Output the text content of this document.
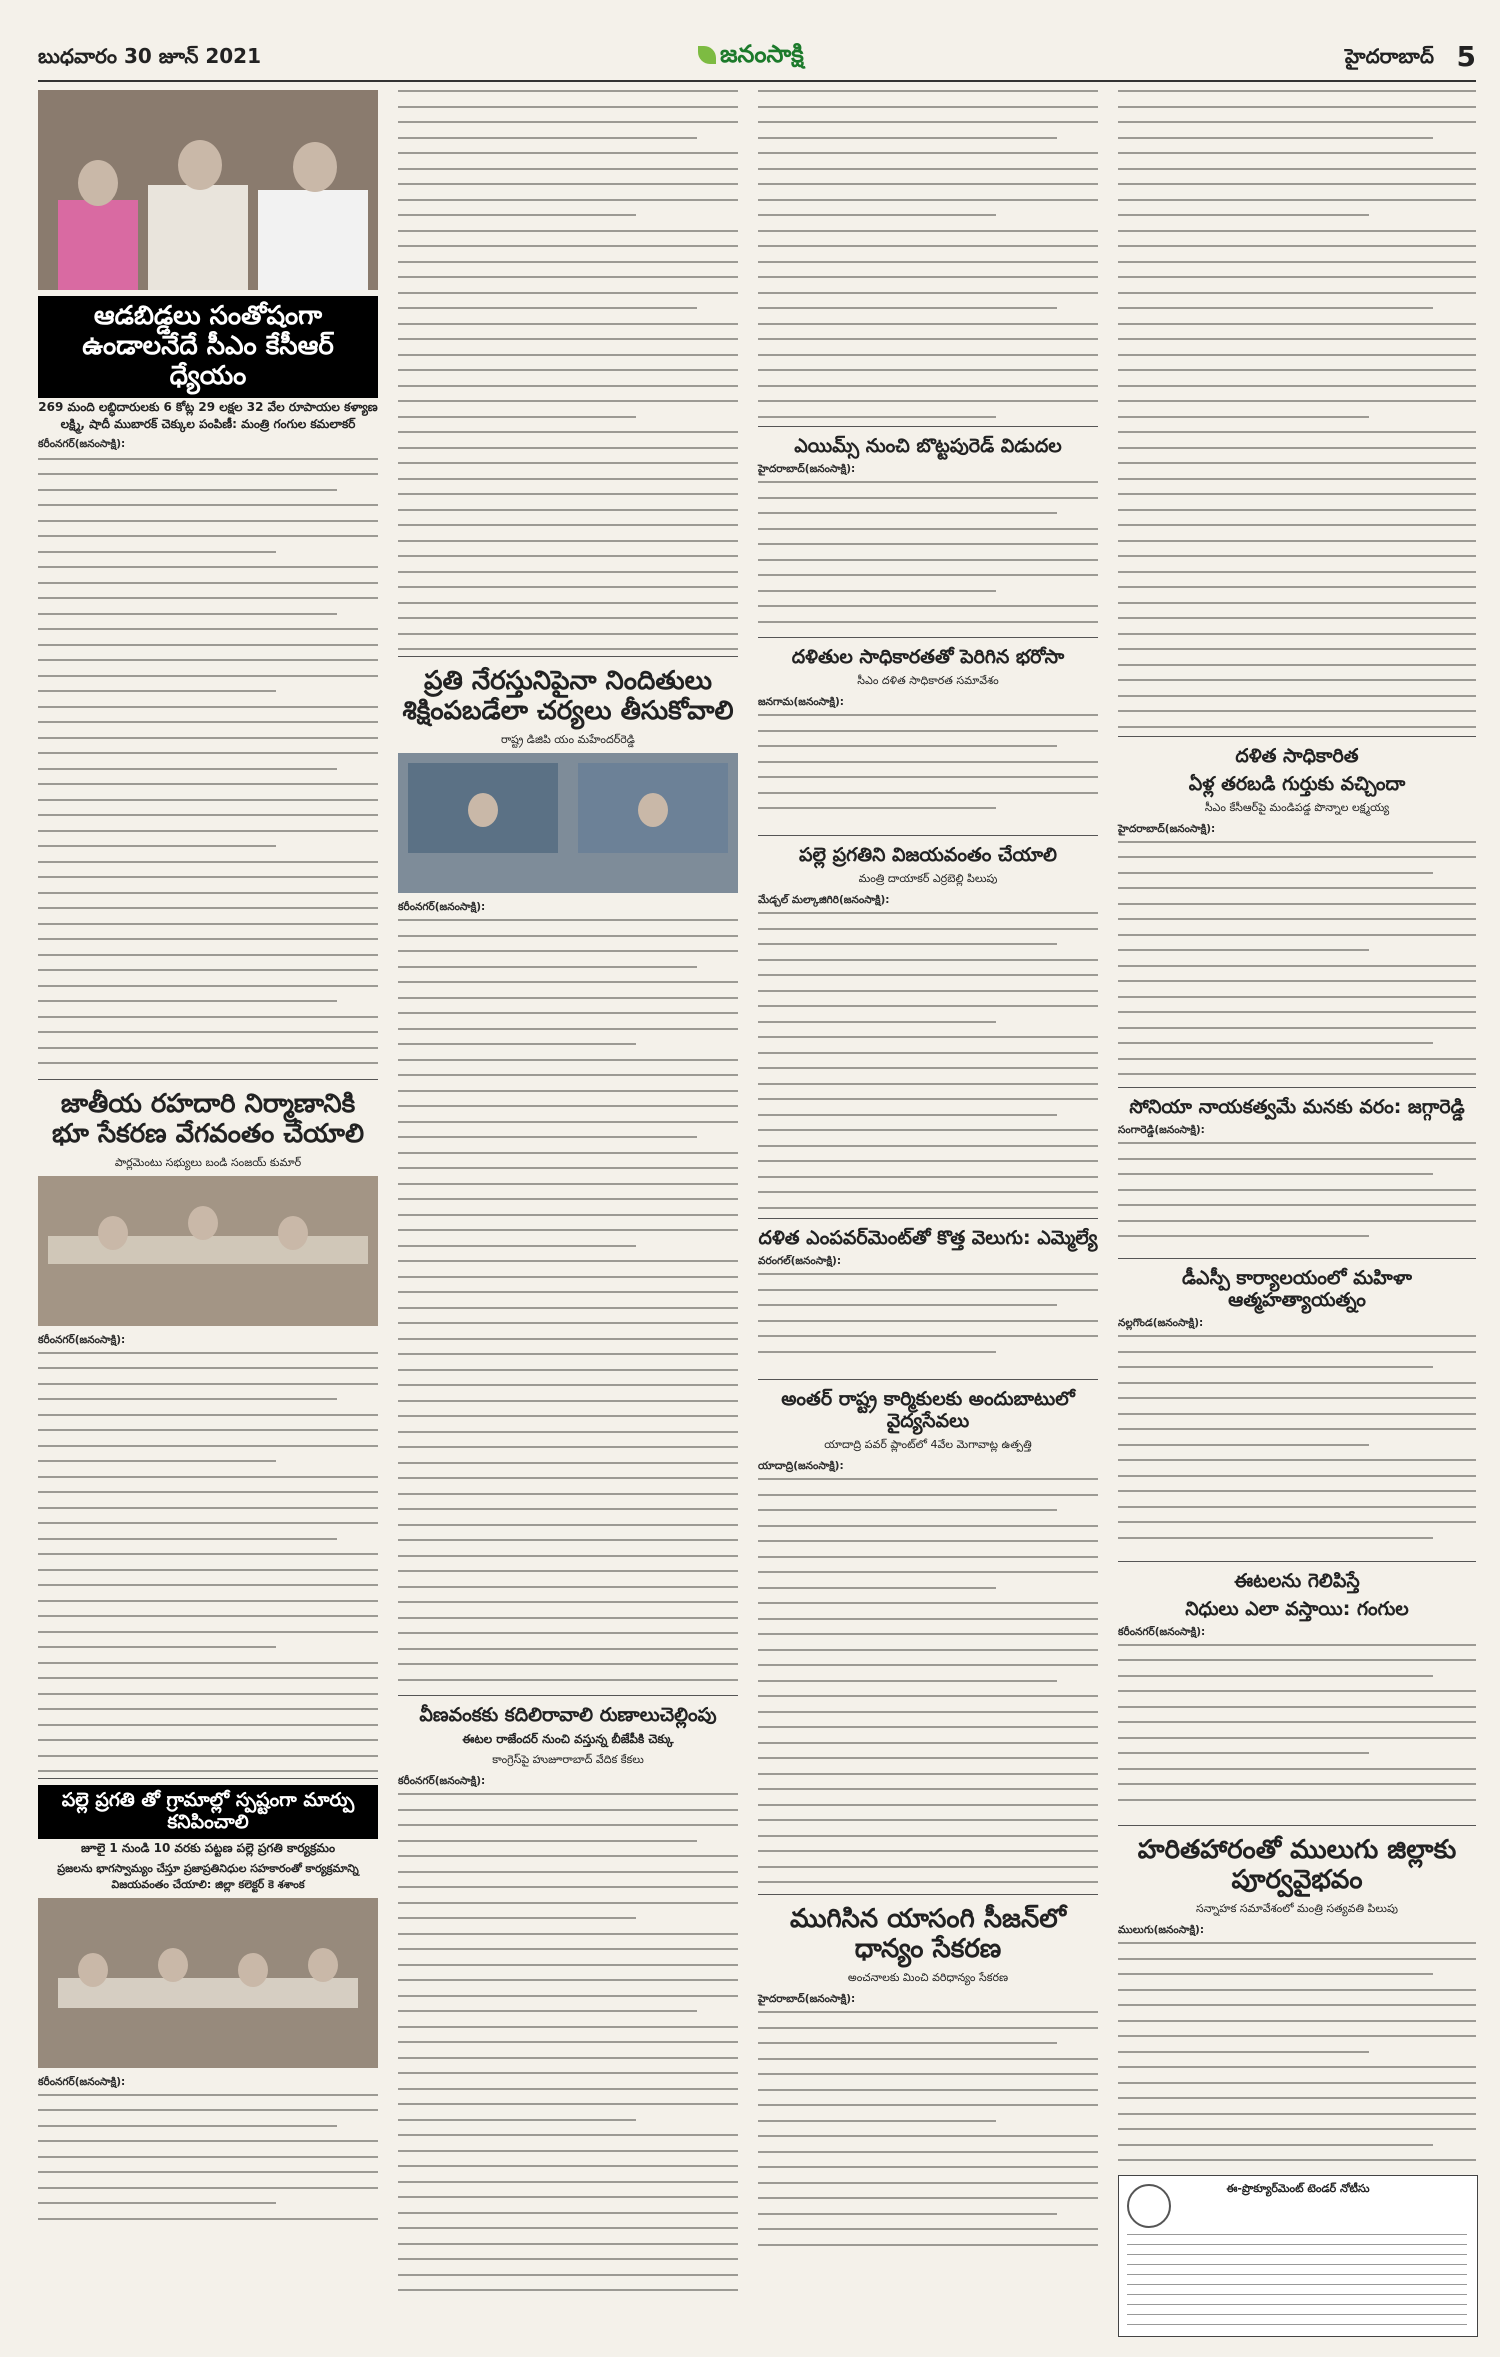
బుధవారం 30 జూన్ 2021	జనంసాక్షి	హైదరాబాద్ 5
ఆడబిడ్డలు సంతోషంగా ఉండాలనేదే సీఎం కేసీఆర్ ధ్యేయం
269 మంది లబ్ధిదారులకు 6 కోట్ల 29 లక్షల 32 వేల రూపాయల కళ్యాణ లక్ష్మి, షాదీ ముబారక్ చెక్కుల పంపిణీ: మంత్రి గంగుల కమలాకర్
కరీంనగర్(జనంసాక్షి):
జాతీయ రహదారి నిర్మాణానికి భూ సేకరణ వేగవంతం చేయాలి
పార్లమెంటు సభ్యులు బండి సంజయ్ కుమార్
కరీంనగర్(జనంసాక్షి):
పల్లె ప్రగతి తో గ్రామాల్లో స్పష్టంగా మార్పు కనిపించాలి
జూలై 1 నుండి 10 వరకు పట్టణ పల్లె ప్రగతి కార్యక్రమం
ప్రజలను భాగస్వామ్యం చేస్తూ ప్రజాప్రతినిధుల సహకారంతో కార్యక్రమాన్ని విజయవంతం చేయాలి: జిల్లా కలెక్టర్ కె శశాంక
కరీంనగర్(జనంసాక్షి):
ప్రతి నేరస్తునిపైనా నిందితులు శిక్షింపబడేలా చర్యలు తీసుకోవాలి
రాష్ట్ర డిజిపి యం మహేందర్‌రెడ్డి
కరీంనగర్(జనంసాక్షి):
వీణవంకకు కదిలిరావాలి రుణాలుచెల్లింపు
ఈటల రాజేందర్ నుంచి వస్తున్న బీజేపీకి చెక్కు
కాంగ్రెస్‌పై హుజూరాబాద్ వేదిక కేకలు
కరీంనగర్(జనంసాక్షి):
ఎయిమ్స్ నుంచి బొట్టపురెడ్ విడుదల
హైదరాబాద్(జనంసాక్షి):
దళితుల సాధికారతతో పెరిగిన భరోసా
సీఎం దళిత సాధికారత సమావేశం
జనగామ(జనంసాక్షి):
పల్లె ప్రగతిని విజయవంతం చేయాలి
మంత్రి దాయాకర్ ఎర్రబెల్లి పిలుపు
మేడ్చల్ మల్కాజిగిరి(జనంసాక్షి):
దళిత ఎంపవర్‌మెంట్‌తో కొత్త వెలుగు: ఎమ్మెల్యే
వరంగల్(జనంసాక్షి):
అంతర్ రాష్ట్ర కార్మికులకు అందుబాటులో వైద్యసేవలు
యాదాద్రి పవర్ ప్లాంట్‌లో 4వేల మెగావాట్ల ఉత్పత్తి
యాదాద్రి(జనంసాక్షి):
ముగిసిన యాసంగి సీజన్‌లో ధాన్యం సేకరణ
అంచనాలకు మించి వరిధాన్యం సేకరణ
హైదరాబాద్(జనంసాక్షి):
దళిత సాధికారిత
ఏళ్ల తరబడి గుర్తుకు వచ్చిందా
సీఎం కేసీఆర్‌పై మండిపడ్డ పొన్నాల లక్ష్మయ్య
హైదరాబాద్(జనంసాక్షి):
సోనియా నాయకత్వమే మనకు వరం: జగ్గారెడ్డి
సంగారెడ్డి(జనంసాక్షి):
డీఎస్పీ కార్యాలయంలో మహిళా ఆత్మహత్యాయత్నం
నల్లగొండ(జనంసాక్షి):
ఈటలను గెలిపిస్తే
నిధులు ఎలా వస్తాయి: గంగుల
కరీంనగర్(జనంసాక్షి):
హరితహారంతో ములుగు జిల్లాకు పూర్వవైభవం
సన్నాహక సమావేశంలో మంత్రి సత్యవతి పిలుపు
ములుగు(జనంసాక్షి):
ఈ-ప్రొక్యూర్‌మెంట్ టెండర్ నోటీసు
